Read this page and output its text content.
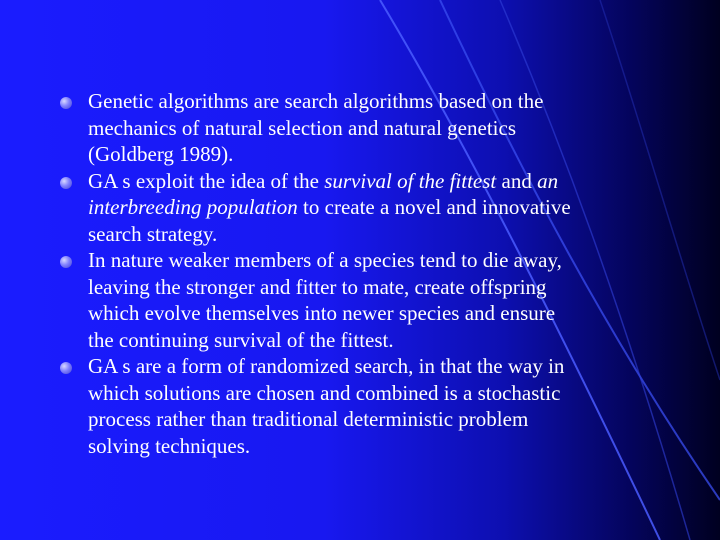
Genetic algorithms are search algorithms based on the mechanics of natural selection and natural genetics (Goldberg 1989).
GA s exploit the idea of the survival of the fittest and an interbreeding population to create a novel and innovative search strategy.
In nature weaker members of a species tend to die away, leaving the stronger and fitter to mate, create offspring which evolve themselves into newer species and ensure the continuing survival of the fittest.
GA s are a form of randomized search, in that the way in which solutions are chosen and combined is a stochastic process rather than traditional deterministic problem solving techniques.
